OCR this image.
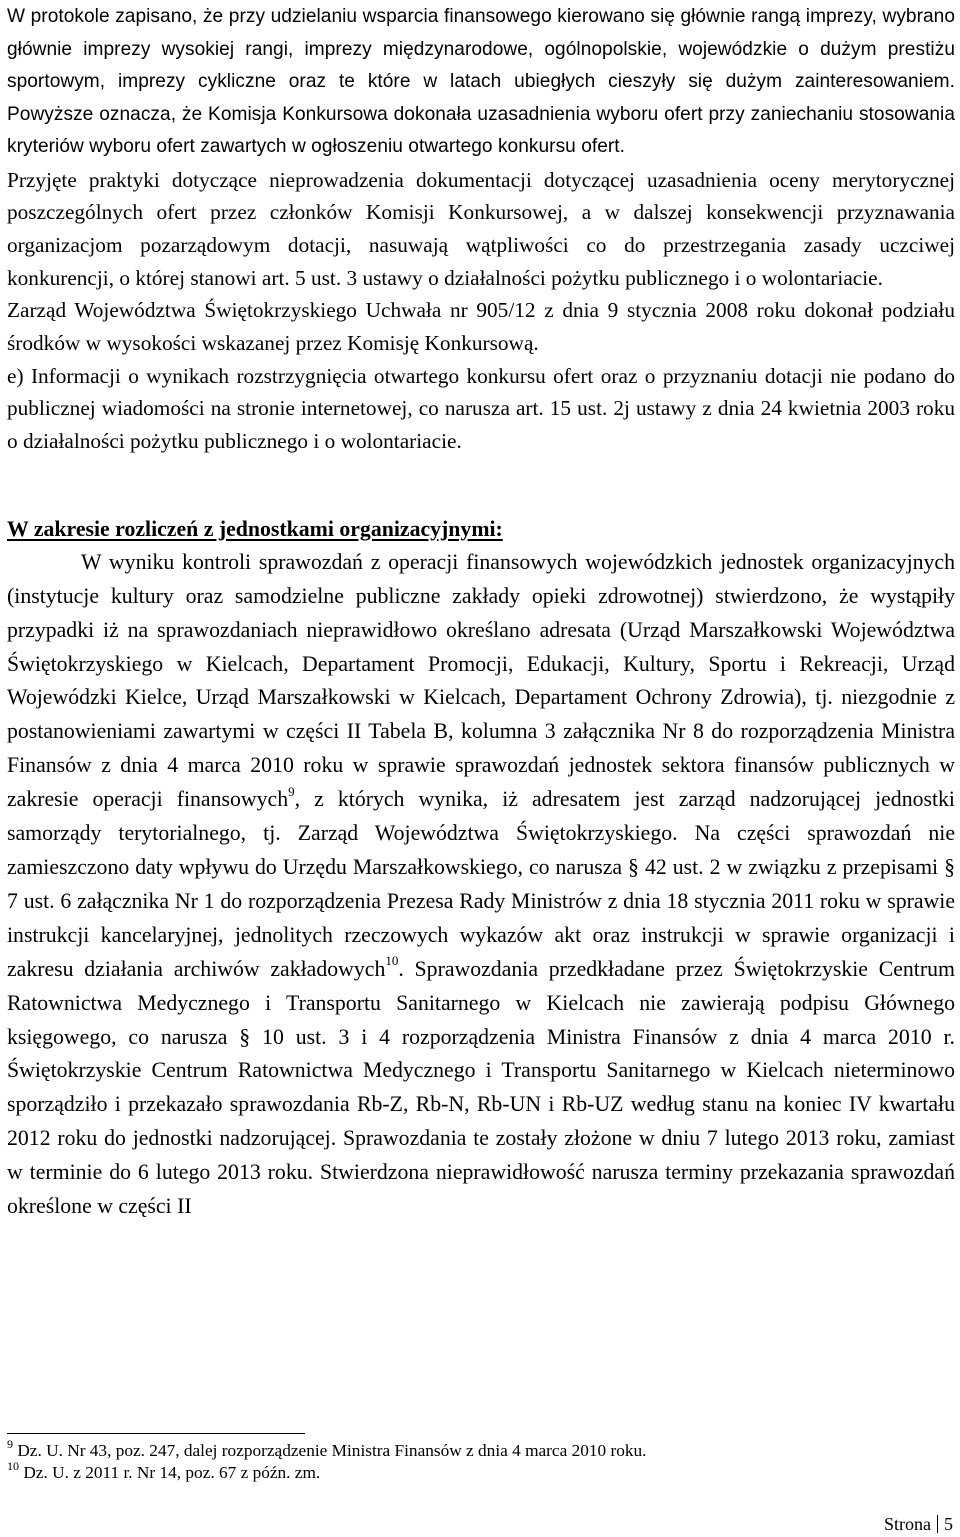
W protokole zapisano, że przy udzielaniu wsparcia finansowego kierowano się głównie rangą imprezy, wybrano głównie imprezy wysokiej rangi, imprezy międzynarodowe, ogólnopolskie, wojewódzkie o dużym prestiżu sportowym, imprezy cykliczne oraz te które w latach ubiegłych cieszyły się dużym zainteresowaniem. Powyższe oznacza, że Komisja Konkursowa dokonała uzasadnienia wyboru ofert przy zaniechaniu stosowania kryteriów wyboru ofert zawartych w ogłoszeniu otwartego konkursu ofert.

Przyjęte praktyki dotyczące nieprowadzenia dokumentacji dotyczącej uzasadnienia oceny merytorycznej poszczególnych ofert przez członków Komisji Konkursowej, a w dalszej konsekwencji przyznawania organizacjom pozarządowym dotacji, nasuwają wątpliwości co do przestrzegania zasady uczciwej konkurencji, o której stanowi art. 5 ust. 3 ustawy o działalności pożytku publicznego i o wolontariacie.

Zarząd Województwa Świętokrzyskiego Uchwała nr 905/12 z dnia 9 stycznia 2008 roku dokonał podziału środków w wysokości wskazanej przez Komisję Konkursową.

e) Informacji o wynikach rozstrzygnięcia otwartego konkursu ofert oraz o przyznaniu dotacji nie podano do publicznej wiadomości na stronie internetowej, co narusza art. 15 ust. 2j ustawy z dnia 24 kwietnia 2003 roku o działalności pożytku publicznego i o wolontariacie.

W zakresie rozliczeń z jednostkami organizacyjnymi:

W wyniku kontroli sprawozdań z operacji finansowych wojewódzkich jednostek organizacyjnych (instytucje kultury oraz samodzielne publiczne zakłady opieki zdrowotnej) stwierdzono, że wystąpiły przypadki iż na sprawozdaniach nieprawidłowo określano adresata (Urząd Marszałkowski Województwa Świętokrzyskiego w Kielcach, Departament Promocji, Edukacji, Kultury, Sportu i Rekreacji, Urząd Wojewódzki Kielce, Urząd Marszałkowski w Kielcach, Departament Ochrony Zdrowia), tj. niezgodnie z postanowieniami zawartymi w części II Tabela B, kolumna 3 załącznika Nr 8 do rozporządzenia Ministra Finansów z dnia 4 marca 2010 roku w sprawie sprawozdań jednostek sektora finansów publicznych w zakresie operacji finansowych$^9$, z których wynika, iż adresatem jest zarząd nadzorującej jednostki samorządy terytorialnego, tj. Zarząd Województwa Świętokrzyskiego. Na części sprawozdań nie zamieszczono daty wpływu do Urzędu Marszałkowskiego, co narusza § 42 ust. 2 w związku z przepisami § 7 ust. 6 załącznika Nr 1 do rozporządzenia Prezesa Rady Ministrów z dnia 18 stycznia 2011 roku w sprawie instrukcji kancelaryjnej, jednolitych rzeczowych wykazów akt oraz instrukcji w sprawie organizacji i zakresu działania archiwów zakładowych$^{10}$. Sprawozdania przedkładane przez Świętokrzyskie Centrum Ratownictwa Medycznego i Transportu Sanitarnego w Kielcach nie zawierają podpisu Głównego księgowego, co narusza § 10 ust. 3 i 4 rozporządzenia Ministra Finansów z dnia 4 marca 2010 r. Świętokrzyskie Centrum Ratownictwa Medycznego i Transportu Sanitarnego w Kielcach nieterminowo sporządziło i przekazało sprawozdania Rb-Z, Rb-N, Rb-UN i Rb-UZ według stanu na koniec IV kwartału 2012 roku do jednostki nadzorującej. Sprawozdania te zostały złożone w dniu 7 lutego 2013 roku, zamiast w terminie do 6 lutego 2013 roku. Stwierdzona nieprawidłowość narusza terminy przekazania sprawozdań określone w części II

$^9$ Dz. U. Nr 43, poz. 247, dalej rozporządzenie Ministra Finansów z dnia 4 marca 2010 roku.

$^{10}$ Dz. U. z 2011 r. Nr 14, poz. 67 z późn. zm.

Strona 5
